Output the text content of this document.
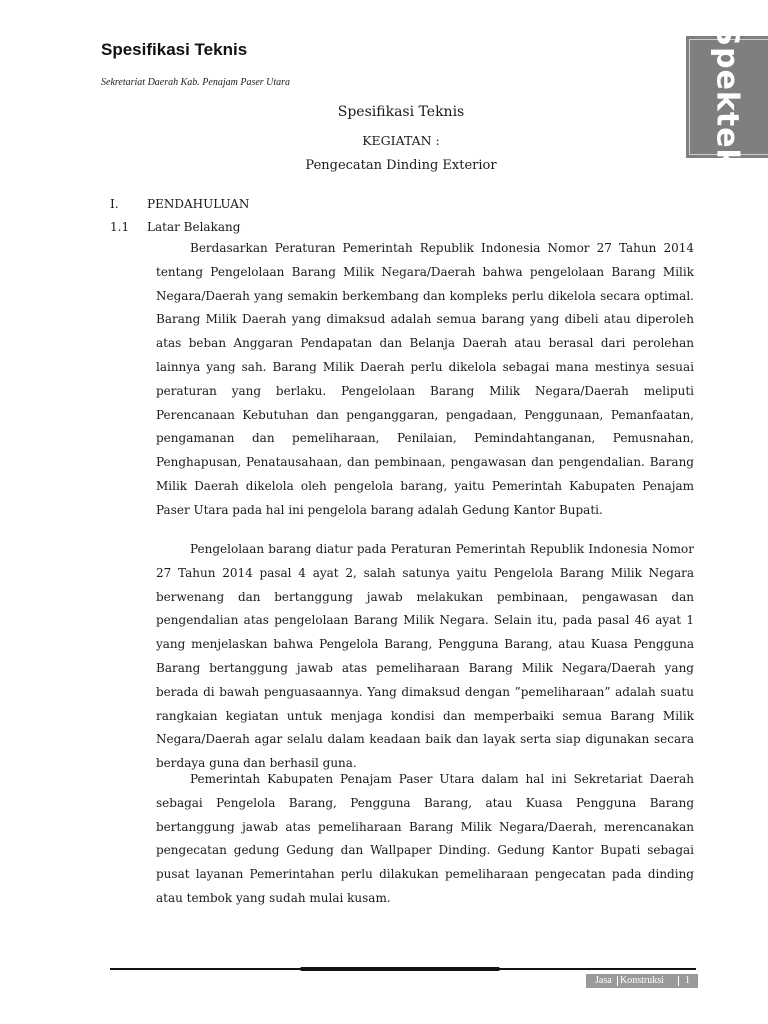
Spesifikasi Teknis
Sekretariat Daerah Kab. Penajam Paser Utara	Spektek
Spesifikasi Teknis
KEGIATAN :
Pengecatan Dinding Exterior
I. PENDAHULUAN
1.1 Latar Belakang

Berdasarkan Peraturan Pemerintah Republik Indonesia Nomor 27 Tahun 2014 tentang Pengelolaan Barang Milik Negara/Daerah bahwa pengelolaan Barang Milik Negara/Daerah yang semakin berkembang dan kompleks perlu dikelola secara optimal. Barang Milik Daerah yang dimaksud adalah semua barang yang dibeli atau diperoleh atas beban Anggaran Pendapatan dan Belanja Daerah atau berasal dari perolehan lainnya yang sah. Barang Milik Daerah perlu dikelola sebagai mana mestinya sesuai peraturan yang berlaku. Pengelolaan Barang Milik Negara/Daerah meliputi Perencanaan Kebutuhan dan penganggaran, pengadaan, Penggunaan, Pemanfaatan, pengamanan dan pemeliharaan, Penilaian, Pemindahtanganan, Pemusnahan, Penghapusan, Penatausahaan, dan pembinaan, pengawasan dan pengendalian. Barang Milik Daerah dikelola oleh pengelola barang, yaitu Pemerintah Kabupaten Penajam Paser Utara pada hal ini pengelola barang adalah Gedung Kantor Bupati.

Pengelolaan barang diatur pada Peraturan Pemerintah Republik Indonesia Nomor 27 Tahun 2014 pasal 4 ayat 2, salah satunya yaitu Pengelola Barang Milik Negara berwenang dan bertanggung jawab melakukan pembinaan, pengawasan dan pengendalian atas pengelolaan Barang Milik Negara. Selain itu, pada pasal 46 ayat 1 yang menjelaskan bahwa Pengelola Barang, Pengguna Barang, atau Kuasa Pengguna Barang bertanggung jawab atas pemeliharaan Barang Milik Negara/Daerah yang berada di bawah penguasaannya. Yang dimaksud dengan ”pemeliharaan” adalah suatu rangkaian kegiatan untuk menjaga kondisi dan memperbaiki semua Barang Milik Negara/Daerah agar selalu dalam keadaan baik dan layak serta siap digunakan secara berdaya guna dan berhasil guna.

Pemerintah Kabupaten Penajam Paser Utara dalam hal ini Sekretariat Daerah sebagai Pengelola Barang, Pengguna Barang, atau Kuasa Pengguna Barang bertanggung jawab atas pemeliharaan Barang Milik Negara/Daerah, merencanakan pengecatan gedung Gedung dan Wallpaper Dinding. Gedung Kantor Bupati sebagai pusat layanan Pemerintahan perlu dilakukan pemeliharaan pengecatan pada dinding atau tembok yang sudah mulai kusam.

Jasa Konstruksi 1
